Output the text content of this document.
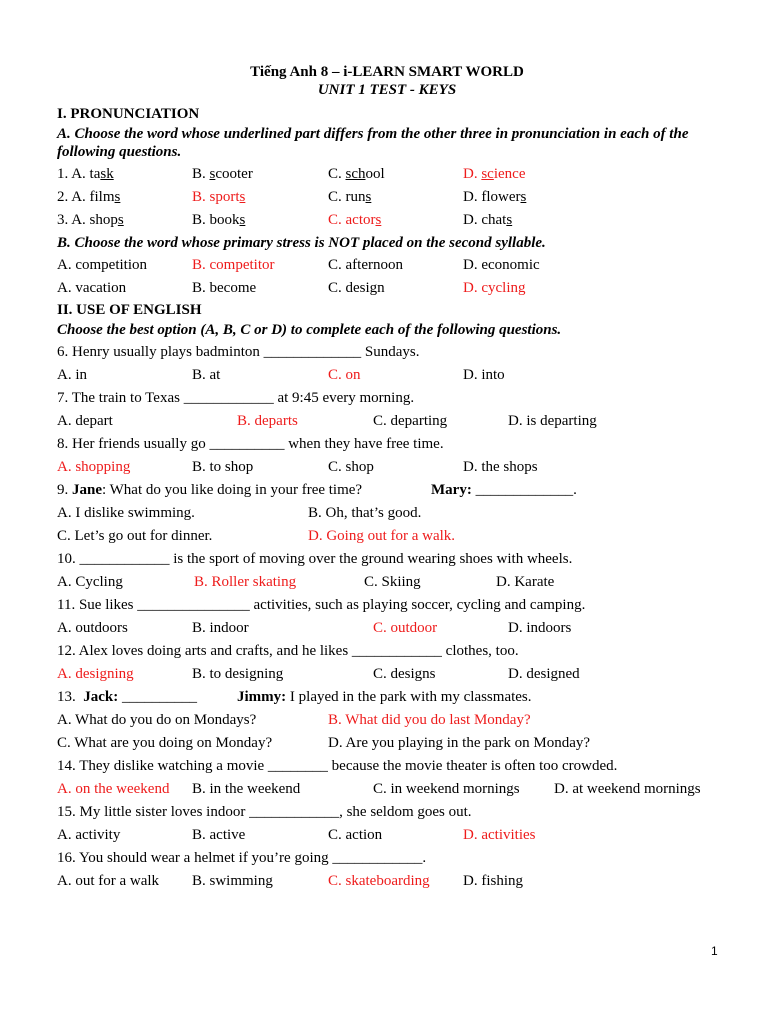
Tiếng Anh 8 – i-LEARN SMART WORLD
UNIT 1 TEST - KEYS
I. PRONUNCIATION
A. Choose the word whose underlined part differs from the other three in pronunciation in each of the following questions.
1. A. task	B. scooter	C. school	D. science
2. A. films	B. sports	C. runs	D. flowers
3. A. shops	B. books	C. actors	D. chats
B. Choose the word whose primary stress is NOT placed on the second syllable.
A. competition	B. competitor	C. afternoon	D. economic
A. vacation	B. become	C. design	D. cycling
II. USE OF ENGLISH
Choose the best option (A, B, C or D) to complete each of the following questions.
6. Henry usually plays badminton _____________ Sundays.
A. in	B. at	C. on	D. into
7. The train to Texas ____________ at 9:45 every morning.
A. depart	B. departs	C. departing	D. is departing
8. Her friends usually go __________ when they have free time.
A. shopping	B. to shop	C. shop	D. the shops
9. Jane: What do you like doing in your free time?	Mary: _____________.
A. I dislike swimming.	B. Oh, that’s good.
C. Let’s go out for dinner.	D. Going out for a walk.
10. ____________ is the sport of moving over the ground wearing shoes with wheels.
A. Cycling	B. Roller skating	C. Skiing	D. Karate
11. Sue likes _______________ activities, such as playing soccer, cycling and camping.
A. outdoors	B. indoor	C. outdoor	D. indoors
12. Alex loves doing arts and crafts, and he likes ____________ clothes, too.
A. designing	B. to designing	C. designs	D. designed
13. Jack: __________	Jimmy: I played in the park with my classmates.
A. What do you do on Mondays?	B. What did you do last Monday?
C. What are you doing on Monday?	D. Are you playing in the park on Monday?
14. They dislike watching a movie ________ because the movie theater is often too crowded.
A. on the weekend B. in the weekend	C. in weekend mornings D. at weekend mornings
15. My little sister loves indoor ____________, she seldom goes out.
A. activity	B. active	C. action	D. activities
16. You should wear a helmet if you’re going ____________.
A. out for a walk B. swimming	C. skateboarding D. fishing
1
